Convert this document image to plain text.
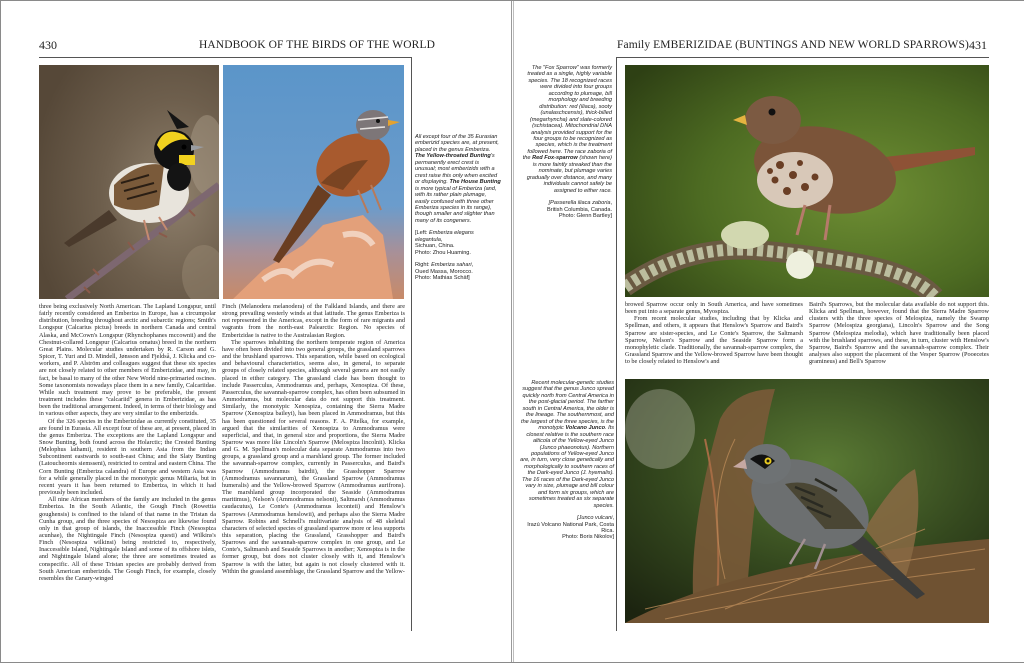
430	HANDBOOK OF THE BIRDS OF THE WORLD

All except four of the 35 Eurasian emberizid species are, at present, placed in the genus Emberiza. The Yellow-throated Bunting's permanently erect crest is unusual; most emberizids with a crest raise this only when excited or displaying. The House Bunting is more typical of Emberiza (and, with its rather plain plumage, easily confused with three other Emberiza species in its range), though smaller and slighter than many of its congeners.

[Left: Emberiza elegans elegantula,
Sichuan, China.
Photo: Zhou Huaming.

Right: Emberiza sahari,
Oued Massa, Morocco.
Photo: Mathias Schäf]

three being exclusively North American. The Lapland Longspur, until fairly recently considered an Emberiza in Europe, has a circumpolar distribution, breeding throughout arctic and subarctic regions; Smith's Longspur (Calcarius pictus) breeds in northern Canada and central Alaska, and McCown's Longspur (Rhynchophanes mccownii) and the Chestnut-collared Longspur (Calcarius ornatus) breed in the northern Great Plains. Molecular studies undertaken by R. Carson and G. Spicer, T. Yuri and D. Mindell, Jønsson and Fjeldså, J. Klicka and co-workers, and P. Alström and colleagues suggest that these six species are not closely related to other members of Emberizidae, and may, in fact, be basal to many of the other New World nine-primaried oscines. Some taxonomists nowadays place them in a new family, Calcariidae. While such treatment may prove to be preferable, the present treatment includes these "calcariid" genera in Emberizidae, as has been the traditional arrangement. Indeed, in terms of their biology and in various other aspects, they are very similar to the emberizids.

Of the 326 species in the Emberizidae as currently constituted, 35 are found in Eurasia. All except four of these are, at present, placed in the genus Emberiza. The exceptions are the Lapland Longspur and Snow Bunting, both found across the Holarctic; the Crested Bunting (Melophus lathami), resident in southern Asia from the Indian Subcontinent eastwards to south-east China; and the Slaty Bunting (Latoucheornis siemsseni), restricted to central and eastern China. The Corn Bunting (Emberiza calandra) of Europe and western Asia was for a while generally placed in the monotypic genus Miliaria, but in recent years it has been returned to Emberiza, in which it had previously been included.

All nine African members of the family are included in the genus Emberiza. In the South Atlantic, the Gough Finch (Rowettia goughensis) is confined to the island of that name in the Tristan da Cunha group, and the three species of Nesospiza are likewise found only in that group of islands, the Inaccessible Finch (Nesospiza acunhae), the Nightingale Finch (Nesospiza questi) and Wilkins's Finch (Nesospiza wilkinsi) being restricted to, respectively, Inaccessible Island, Nightingale Island and some of its offshore islets, and Nightingale Island alone; the three are sometimes treated as conspecific. All of these Tristan species are probably derived from South American emberizids. The Gough Finch, for example, closely resembles the Canary-winged

Finch (Melanodera melanodera) of the Falkland Islands, and there are strong prevailing westerly winds at that latitude. The genus Emberiza is not represented in the Americas, except in the form of rare migrants and vagrants from the north-east Palearctic Region. No species of Emberizidae is native to the Australasian Region.

The sparrows inhabiting the northern temperate region of America have often been divided into two general groups, the grassland sparrows and the brushland sparrows. This separation, while based on ecological and behavioural characteristics, seems also, in general, to separate groups of closely related species, although several genera are not easily placed in either category. The grassland clade has been thought to include Passerculus, Ammodramus and, perhaps, Xenospiza. Of these, Passerculus, the savannah-sparrow complex, has often been subsumed in Ammodramus, but molecular data do not support this treatment. Similarly, the monotypic Xenospiza, containing the Sierra Madre Sparrow (Xenospiza baileyi), has been placed in Ammodramus, but this has been questioned for several reasons. F. A. Pitelka, for example, argued that the similarities of Xenospiza to Ammodramus were superficial, and that, in general size and proportions, the Sierra Madre Sparrow was more like Lincoln's Sparrow (Melospiza lincolnii). Klicka and G. M. Spellman's molecular data separate Ammodramus into two groups, a grassland group and a marshland group. The former included the savannah-sparrow complex, currently in Passerculus, and Baird's Sparrow (Ammodramus bairdii), the Grasshopper Sparrow (Ammodramus savannarum), the Grassland Sparrow (Ammodramus humeralis) and the Yellow-browed Sparrow (Ammodramus aurifrons). The marshland group incorporated the Seaside (Ammodramus maritimus), Nelson's (Ammodramus nelsoni), Saltmarsh (Ammodramus caudacutus), Le Conte's (Ammodramus leconteii) and Henslow's Sparrows (Ammodramus henslowii), and perhaps also the Sierra Madre Sparrow. Robins and Schnell's multivariate analysis of 48 skeletal characters of selected species of grassland sparrow more or less supports this separation, placing the Grassland, Grasshopper and Baird's Sparrows and the savannah-sparrow complex in one group, and Le Conte's, Saltmarsh and Seaside Sparrows in another; Xenospiza is in the former group, but does not cluster closely with it, and Henslow's Sparrow is with the latter, but again is not closely clustered with it. Within the grassland assemblage, the Grassland Sparrow and the Yellow-

Family EMBERIZIDAE (BUNTINGS AND NEW WORLD SPARROWS) 431

The "Fox Sparrow" was formerly treated as a single, highly variable species. The 18 recognized races were divided into four groups according to plumage, bill morphology and breeding distribution: red (iliaca), sooty (unalaschcensis), thick-billed (megarhyncha) and slate-colored (schistacea). Mitochondrial DNA analysis provided support for the four groups to be recognized as species, which is the treatment followed here. The race zaboria of the Red Fox-sparrow (shown here) is more faintly streaked than the nominate, but plumage varies gradually over distance, and many individuals cannot safely be assigned to either race.

[Passerella iliaca zaboria,
British Columbia, Canada.
Photo: Glenn Bartley]

browed Sparrow occur only in South America, and have sometimes been put into a separate genus, Myospiza.

From recent molecular studies, including that by Klicka and Spellman, and others, it appears that Henslow's Sparrow and Baird's Sparrow are sister-species, and Le Conte's Sparrow, the Saltmarsh Sparrow, Nelson's Sparrow and the Seaside Sparrow form a monophyletic clade. Traditionally, the savannah-sparrow complex, the Grassland Sparrow and the Yellow-browed Sparrow have been thought to be closely related to Henslow's and

Baird's Sparrows, but the molecular data available do not support this. Klicka and Spellman, however, found that the Sierra Madre Sparrow clusters with the three species of Melospiza, namely the Swamp Sparrow (Melospiza georgiana), Lincoln's Sparrow and the Song Sparrow (Melospiza melodia), which have traditionally been placed with the brushland sparrows, and these, in turn, cluster with Henslow's Sparrow, Baird's Sparrow and the savannah-sparrow complex. Their analyses also support the placement of the Vesper Sparrow (Pooecetes gramineus) and Bell's Sparrow

Recent molecular-genetic studies suggest that the genus Junco spread quickly north from Central America in the post-glacial period. The farther south in Central America, the older is the lineage. The southernmost, and the largest of the three species, is the monotypic Volcano Junco. Its closest relative is the southern race alticola of the Yellow-eyed Junco (Junco phaeonotus). Northern populations of Yellow-eyed Junco are, in turn, very close genetically and morphologically to southern races of the Dark-eyed Junco (J. hyemalis). The 16 races of the Dark-eyed Junco vary in size, plumage and bill colour and form six groups, which are sometimes treated as six separate species.

[Junco vulcani,
Irazú Volcano National Park, Costa Rica.
Photo: Boris Nikolov]
